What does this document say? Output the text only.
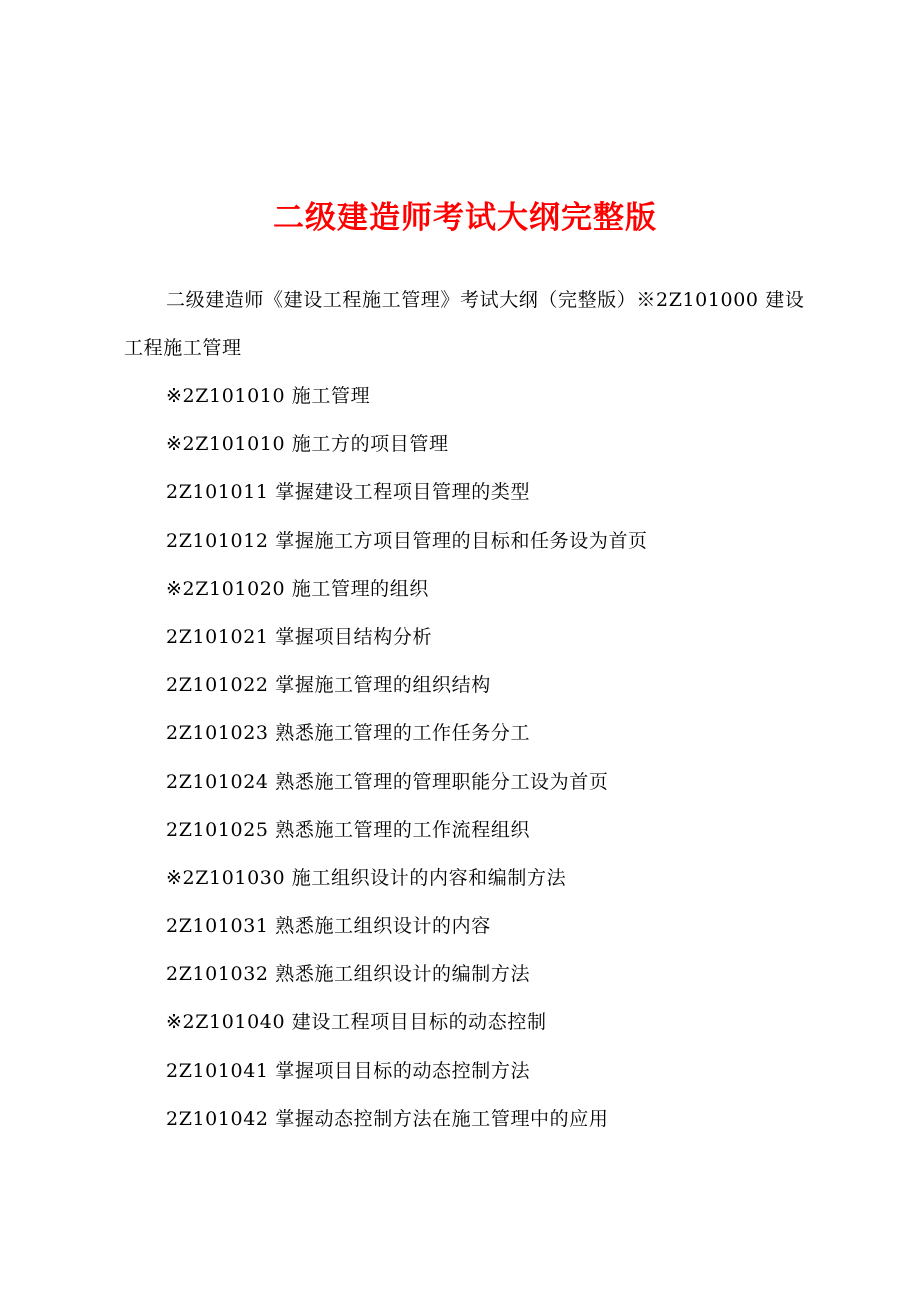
二级建造师考试大纲完整版

二级建造师《建设工程施工管理》考试大纲（完整版）※2Z101000 建设工程施工管理

※2Z101010 施工管理
※2Z101010 施工方的项目管理
2Z101011 掌握建设工程项目管理的类型
2Z101012 掌握施工方项目管理的目标和任务设为首页
※2Z101020 施工管理的组织
2Z101021 掌握项目结构分析
2Z101022 掌握施工管理的组织结构
2Z101023 熟悉施工管理的工作任务分工
2Z101024 熟悉施工管理的管理职能分工设为首页
2Z101025 熟悉施工管理的工作流程组织
※2Z101030 施工组织设计的内容和编制方法
2Z101031 熟悉施工组织设计的内容
2Z101032 熟悉施工组织设计的编制方法
※2Z101040 建设工程项目目标的动态控制
2Z101041 掌握项目目标的动态控制方法
2Z101042 掌握动态控制方法在施工管理中的应用
